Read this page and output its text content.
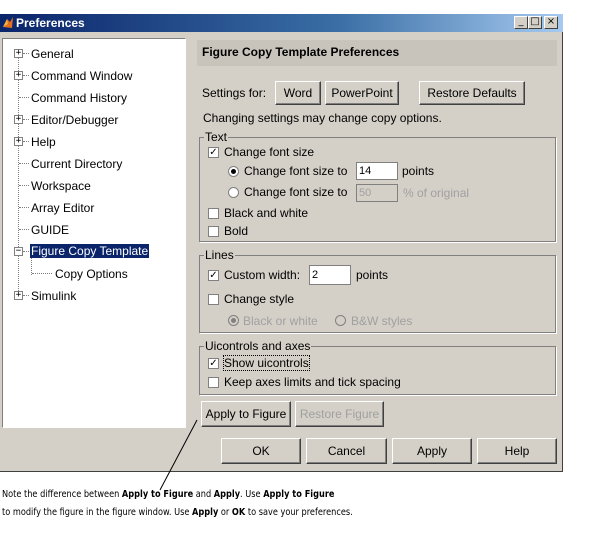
Preferences	_ □ ×
+ General
+ Command Window
Command History
+ Editor/Debugger
+ Help
Current Directory
Workspace
Array Editor
GUIDE
− Figure Copy Template
Copy Options
+ Simulink
Figure Copy Template Preferences
Settings for:	Word	PowerPoint	Restore Defaults
Changing settings may change copy options.
Text
✓ Change font size
Change font size to 14	points
Change font size to 50	% of original
Black and white
Bold
Lines
✓ Custom width: 2	points
Change style
Black or white	B&W styles
Uicontrols and axes
✓ Show uicontrols
Keep axes limits and tick spacing
Apply to Figure	Restore Figure
OK	Cancel	Apply	Help
Note the difference between Apply to Figure and Apply. Use Apply to Figure
to modify the figure in the figure window. Use Apply or OK to save your preferences.
